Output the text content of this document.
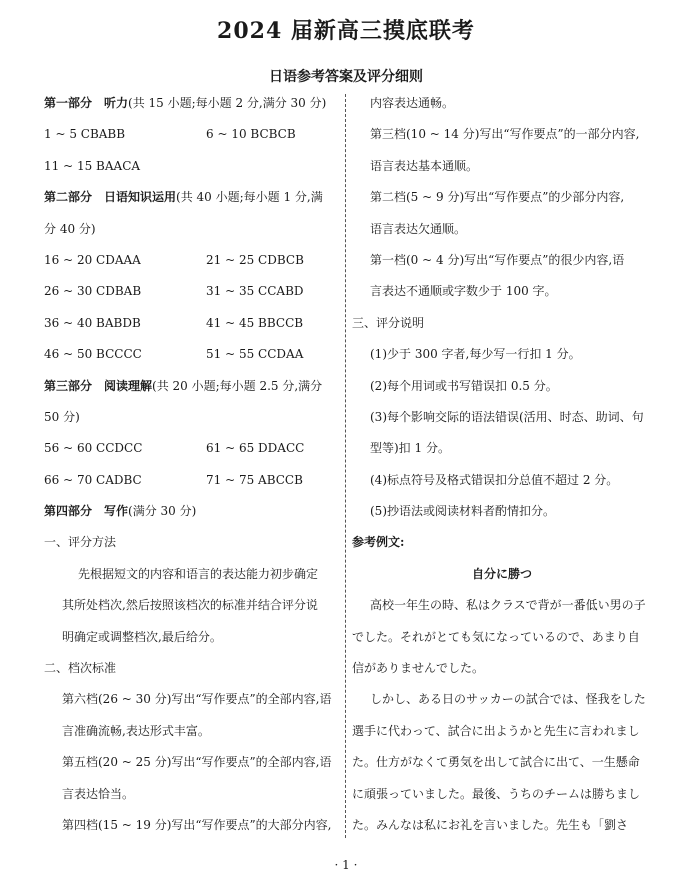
2024 届新高三摸底联考
日语参考答案及评分细则
第一部分　听力(共 15 小题;每小题 2 分,满分 30 分)
1 ~ 5 CBABB	6 ~ 10 BCBCB
11 ~ 15 BAACA
第二部分　日语知识运用(共 40 小题;每小题 1 分,满
分 40 分)
16 ~ 20 CDAAA	21 ~ 25 CDBCB
26 ~ 30 CDBAB	31 ~ 35 CCABD
36 ~ 40 BABDB	41 ~ 45 BBCCB
46 ~ 50 BCCCC	51 ~ 55 CCDAA
第三部分　阅读理解(共 20 小题;每小题 2.5 分,满分
50 分)
56 ~ 60 CCDCC	61 ~ 65 DDACC
66 ~ 70 CADBC	71 ~ 75 ABCCB
第四部分　写作(满分 30 分)
一、评分方法
先根据短文的内容和语言的表达能力初步确定
其所处档次,然后按照该档次的标准并结合评分说
明确定或调整档次,最后给分。
二、档次标准
第六档(26 ~ 30 分)写出“写作要点”的全部内容,语
言准确流畅,表达形式丰富。
第五档(20 ~ 25 分)写出“写作要点”的全部内容,语
言表达恰当。
第四档(15 ~ 19 分)写出“写作要点”的大部分内容,
内容表达通畅。
第三档(10 ~ 14 分)写出“写作要点”的一部分内容,
语言表达基本通顺。
第二档(5 ~ 9 分)写出“写作要点”的少部分内容,
语言表达欠通顺。
第一档(0 ~ 4 分)写出“写作要点”的很少内容,语
言表达不通顺或字数少于 100 字。
三、评分说明
(1)少于 300 字者,每少写一行扣 1 分。
(2)每个用词或书写错误扣 0.5 分。
(3)每个影响交际的语法错误(活用、时态、助词、句
型等)扣 1 分。
(4)标点符号及格式错误扣分总值不超过 2 分。
(5)抄语法或阅读材料者酌情扣分。
参考例文:
自分に勝つ
高校一年生の時、私はクラスで背が一番低い男の子
でした。それがとても気になっているので、あまり自
信がありませんでした。
しかし、ある日のサッカーの試合では、怪我をした
選手に代わって、試合に出ようかと先生に言われまし
た。仕方がなくて勇気を出して試合に出て、一生懸命
に頑張っていました。最後、うちのチームは勝ちまし
た。みんなは私にお礼を言いました。先生も「劉さ
· 1 ·
